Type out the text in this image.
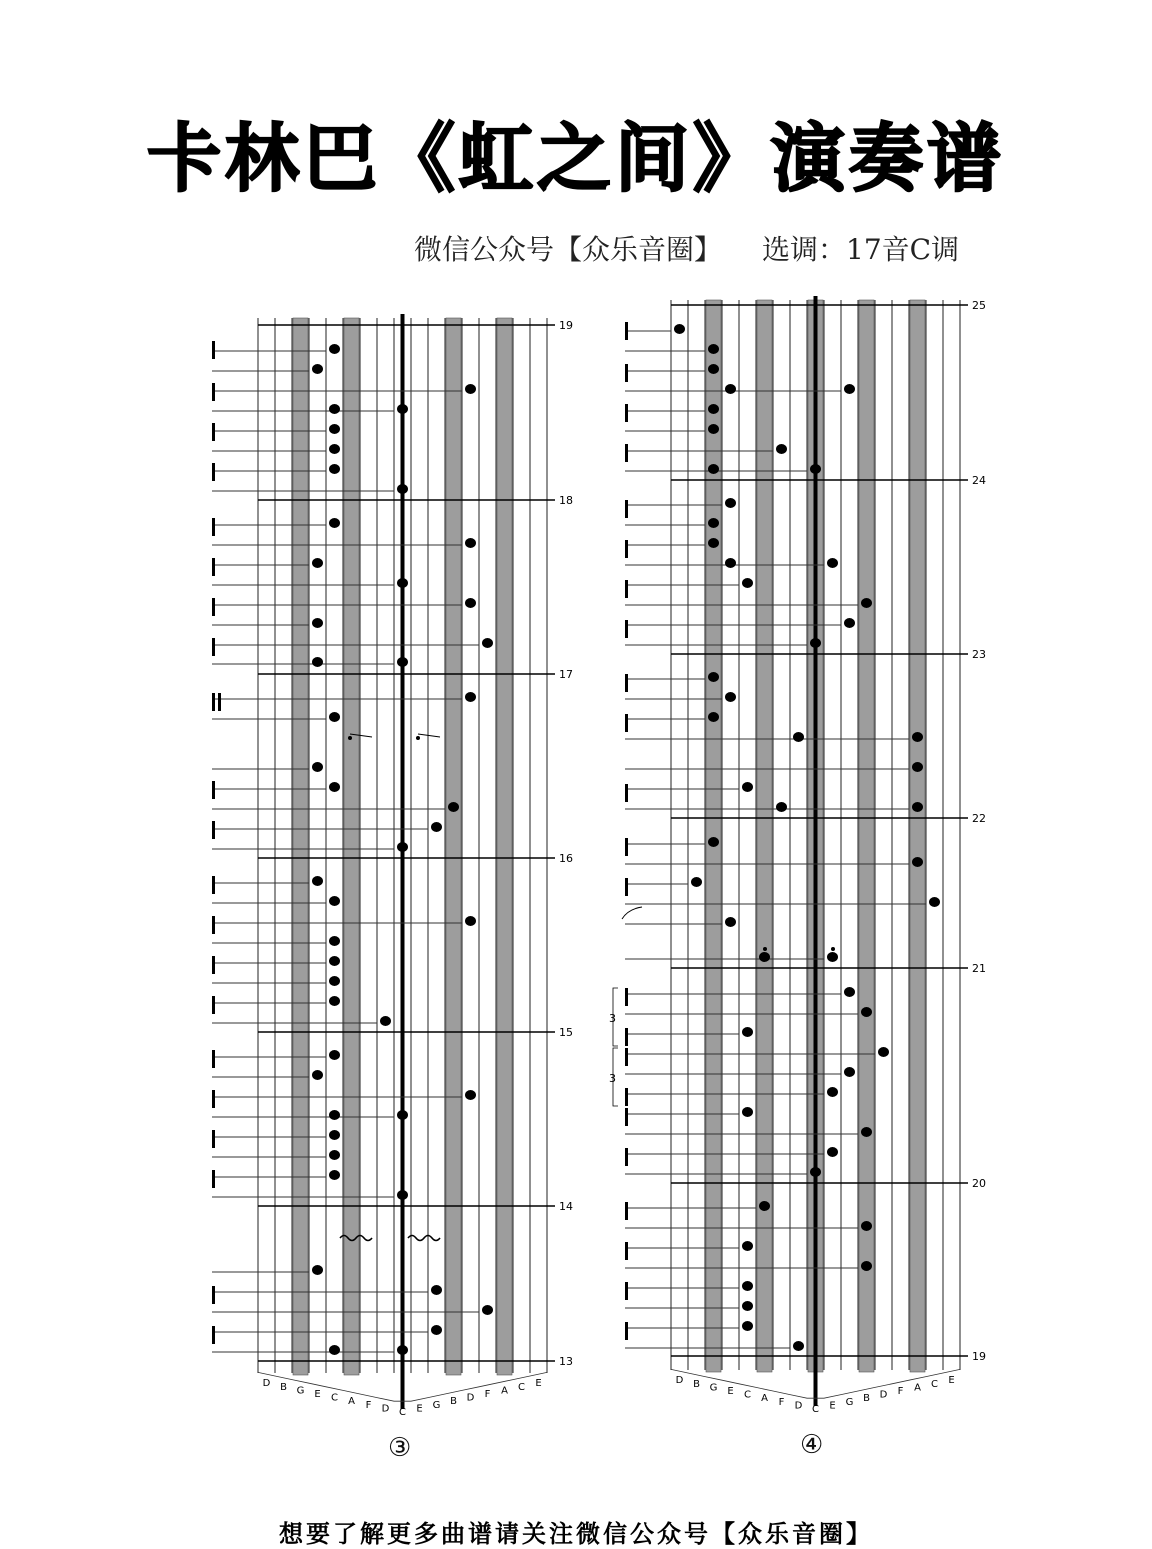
卡林巴《虹之间》演奏谱
微信公众号【众乐音圈】 选调：17音C调
19
18
17
16
15
14
13
D B G E C A F D C E G B D F A C E
③
25
24
23
22
21
20
19
D B G E C A F D C E G B D F A C E
3
3
④
想要了解更多曲谱请关注微信公众号【众乐音圈】
